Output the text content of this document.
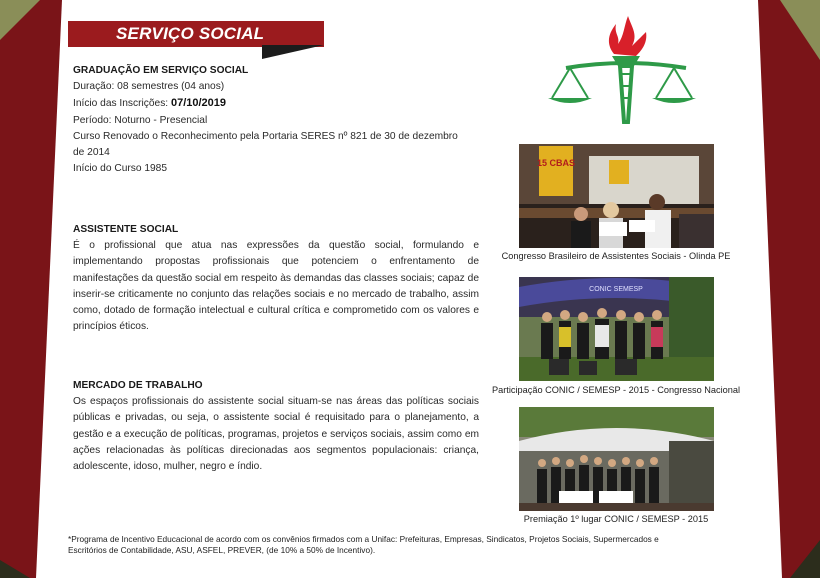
SERVIÇO SOCIAL
GRADUAÇÃO EM SERVIÇO SOCIAL
Duração: 08 semestres (04 anos)
Início das Inscrições: 07/10/2019
Período: Noturno - Presencial
Curso Renovado o Reconhecimento pela Portaria SERES nº 821 de 30 de dezembro
de 2014
Início do Curso 1985
ASSISTENTE SOCIAL
É o profissional que atua nas expressões da questão social, formulando e implementando propostas profissionais que potenciem o enfrentamento de manifestações da questão social em respeito às demandas das classes sociais; capaz de inserir-se criticamente no conjunto das relações sociais e no mercado de trabalho, assim como, dotado de formação intelectual e cultural crítica e comprometido com os valores e princípios éticos.
MERCADO DE TRABALHO
Os espaços profissionais do assistente social situam-se nas áreas das políticas sociais públicas e privadas, ou seja, o assistente social é requisitado para o planejamento, a gestão e a execução de políticas, programas, projetos e serviços sociais, assim como em ações relacionadas às políticas direcionadas aos segmentos populacionais: criança, adolescente, idoso, mulher, negro e índio.
15 CBAS
Congresso Brasileiro de Assistentes Sociais - Olinda PE
CONIC SEMESP
Participação CONIC / SEMESP - 2015 - Congresso Nacional
Premiação 1º lugar CONIC / SEMESP - 2015
*Programa de Incentivo Educacional de acordo com os convênios firmados com a Unifac: Prefeituras, Empresas, Sindicatos, Projetos Sociais, Supermercados e Escritórios de Contabilidade, ASU, ASFEL, PREVER, (de 10% a 50% de Incentivo).
